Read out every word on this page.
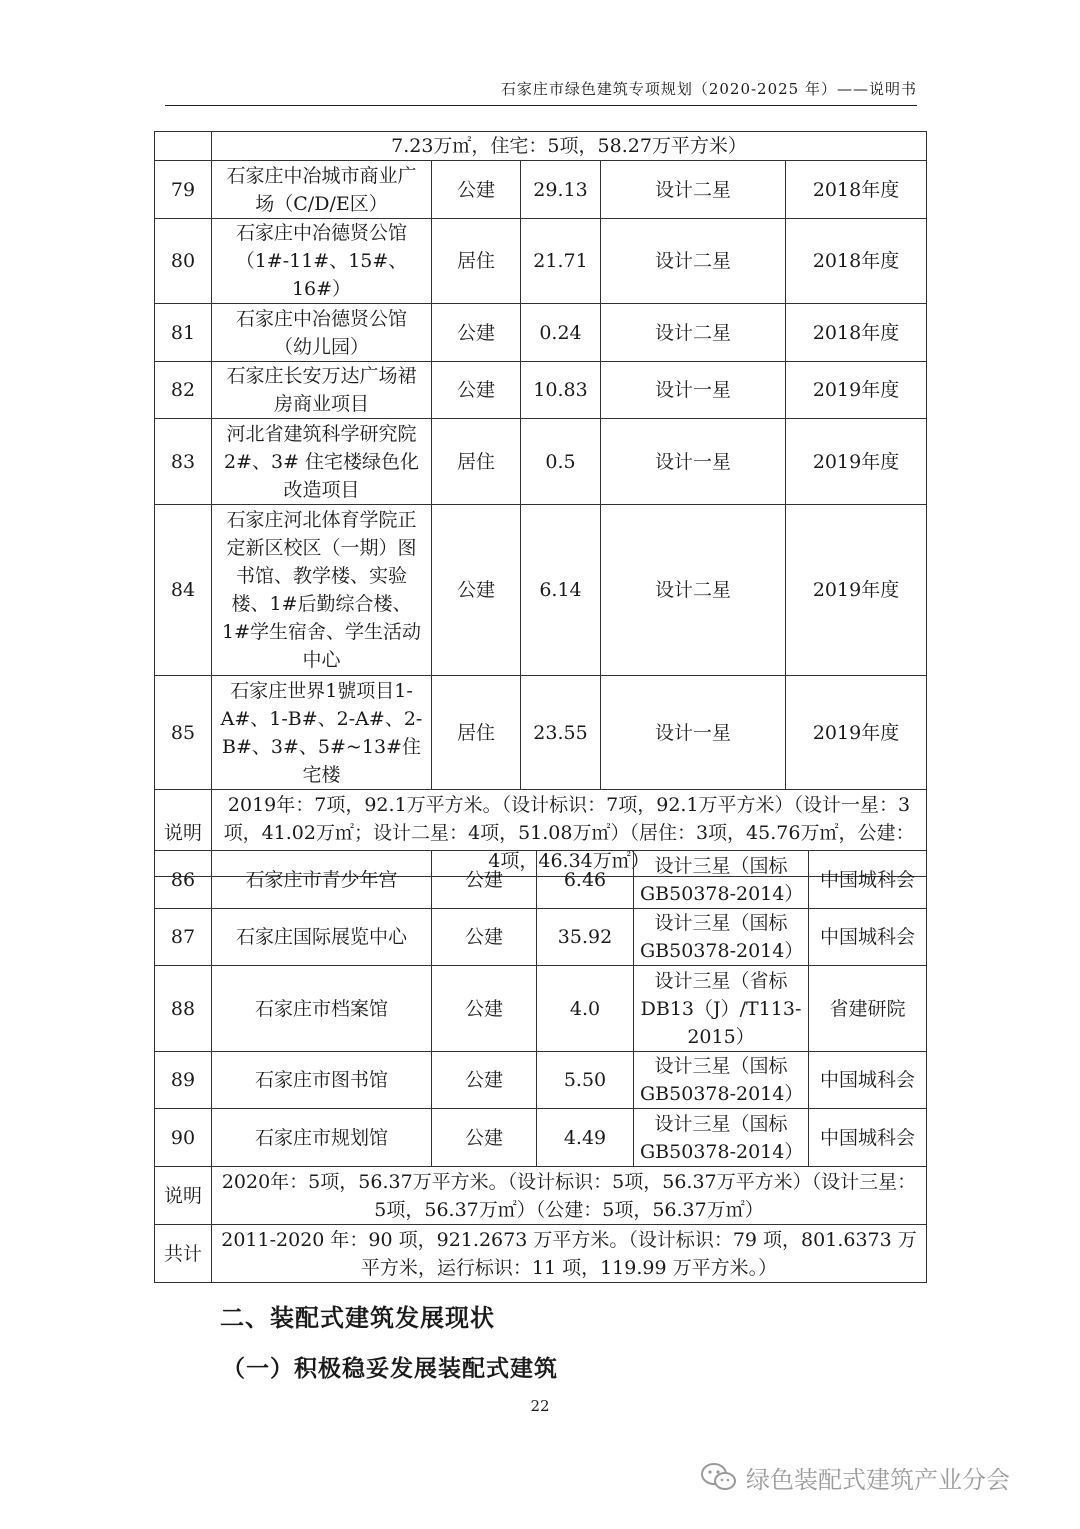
石家庄市绿色建筑专项规划（2020-2025 年）——说明书
	7.23万㎡，住宅：5项，58.27万平方米）				
79	石家庄中冶城市商业广场（C/D/E区）	公建	29.13	设计二星	2018年度
80	石家庄中冶德贤公馆（1#-11#、15#、16#）	居住	21.71	设计二星	2018年度
81	石家庄中冶德贤公馆（幼儿园）	公建	0.24	设计二星	2018年度
82	石家庄长安万达广场裙房商业项目	公建	10.83	设计一星	2019年度
83	河北省建筑科学研究院2#、3# 住宅楼绿色化改造项目	居住	0.5	设计一星	2019年度
84	石家庄河北体育学院正定新区校区（一期）图书馆、教学楼、实验楼、1#后勤综合楼、1#学生宿舍、学生活动中心	公建	6.14	设计二星	2019年度
85	石家庄世界1號项目1-A#、1-B#、2-A#、2-B#、3#、5#~13#住宅楼	居住	23.55	设计一星	2019年度
说明	2019年：7项，92.1万平方米。（设计标识：7项，92.1万平方米）（设计一星：3项，41.02万㎡；设计二星：4项，51.08万㎡）（居住：3项，45.76万㎡，公建：4项，46.34万㎡）				
86	石家庄市青少年宫	公建	6.46	设计三星（国标GB50378-2014）	中国城科会
87	石家庄国际展览中心	公建	35.92	设计三星（国标GB50378-2014）	中国城科会
88	石家庄市档案馆	公建	4.0	设计三星（省标DB13（J）/T113-2015）	省建研院
89	石家庄市图书馆	公建	5.50	设计三星（国标GB50378-2014）	中国城科会
90	石家庄市规划馆	公建	4.49	设计三星（国标GB50378-2014）	中国城科会
说明	2020年：5项，56.37万平方米。（设计标识：5项，56.37万平方米）（设计三星：5项，56.37万㎡）（公建：5项，56.37万㎡）				
共计	2011-2020 年：90 项，921.2673 万平方米。（设计标识：79 项，801.6373 万平方米，运行标识：11 项，119.99 万平方米。）				
二、装配式建筑发展现状
（一）积极稳妥发展装配式建筑
22
绿色装配式建筑产业分会
